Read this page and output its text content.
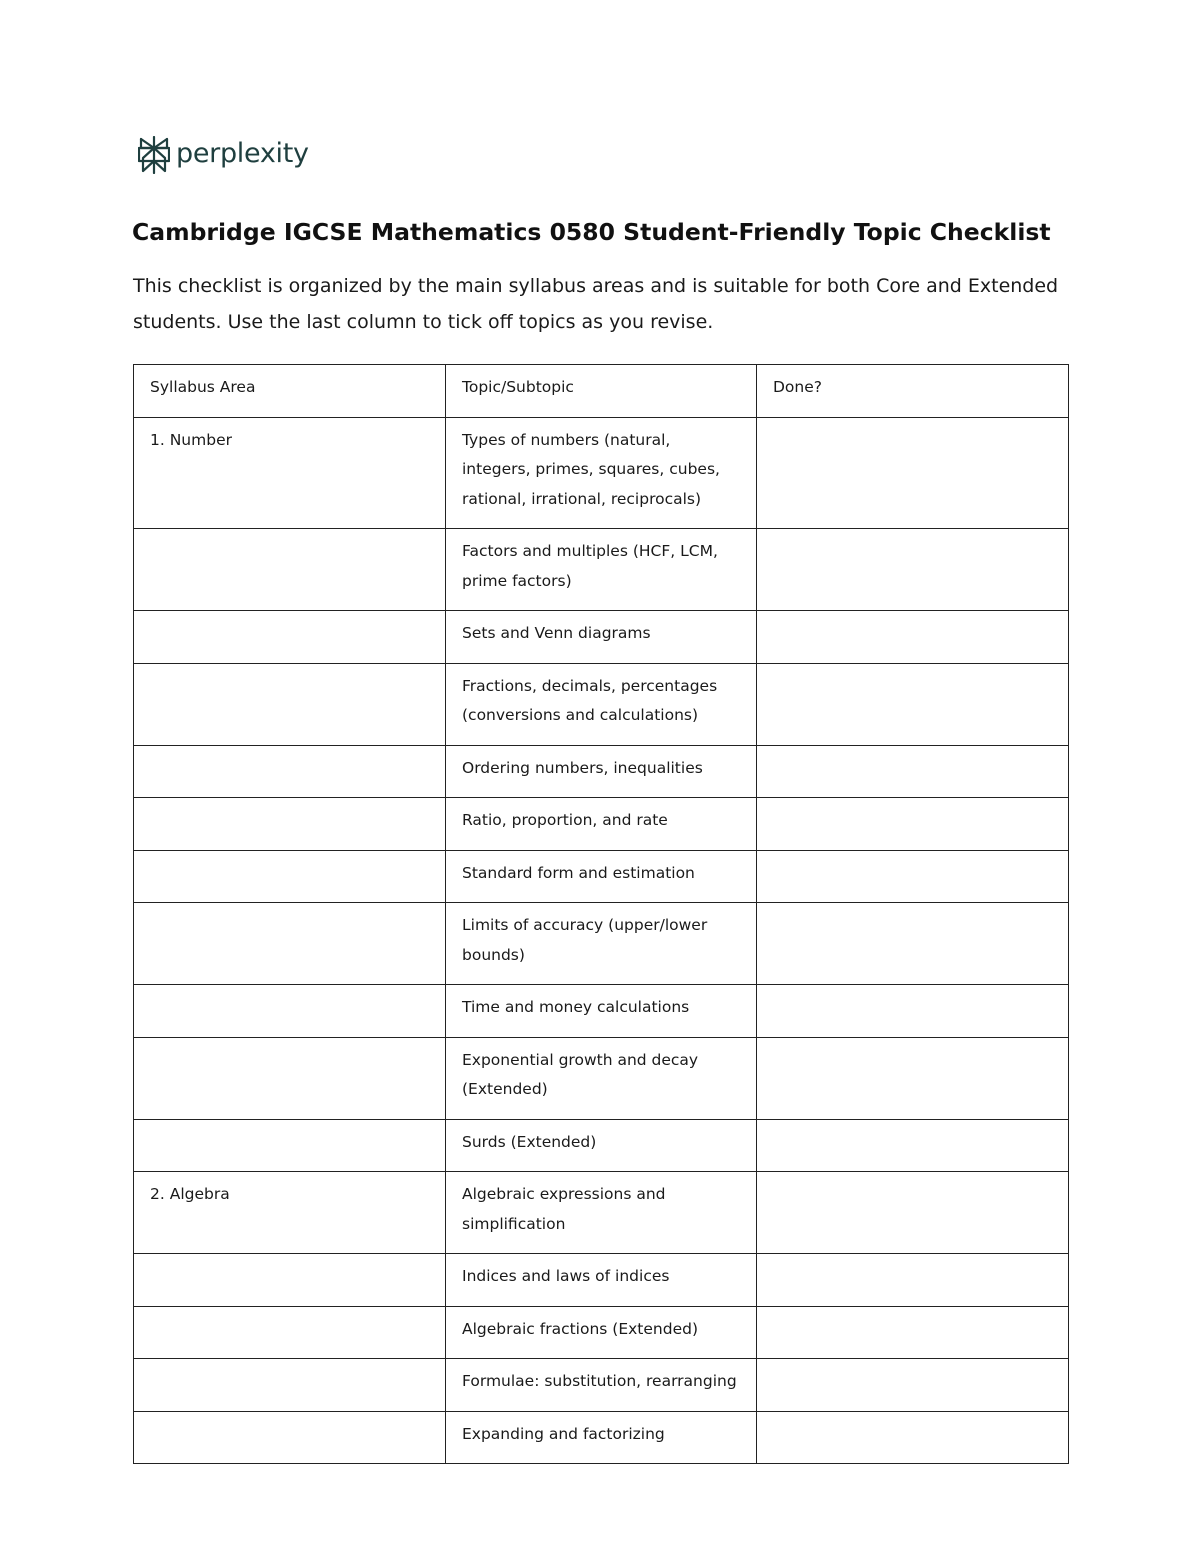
perplexity
Cambridge IGCSE Mathematics 0580 Student-Friendly Topic Checklist

This checklist is organized by the main syllabus areas and is suitable for both Core and Extended students. Use the last column to tick off topics as you revise.

Syllabus Area	Topic/Subtopic	Done?
1. Number	Types of numbers (natural, integers, primes, squares, cubes, rational, irrational, reciprocals)	
	Factors and multiples (HCF, LCM, prime factors)	
	Sets and Venn diagrams	
	Fractions, decimals, percentages (conversions and calculations)	
	Ordering numbers, inequalities	
	Ratio, proportion, and rate	
	Standard form and estimation	
	Limits of accuracy (upper/lower bounds)	
	Time and money calculations	
	Exponential growth and decay (Extended)	
	Surds (Extended)	
2. Algebra	Algebraic expressions and simplification	
	Indices and laws of indices	
	Algebraic fractions (Extended)	
	Formulae: substitution, rearranging	
	Expanding and factorizing	
